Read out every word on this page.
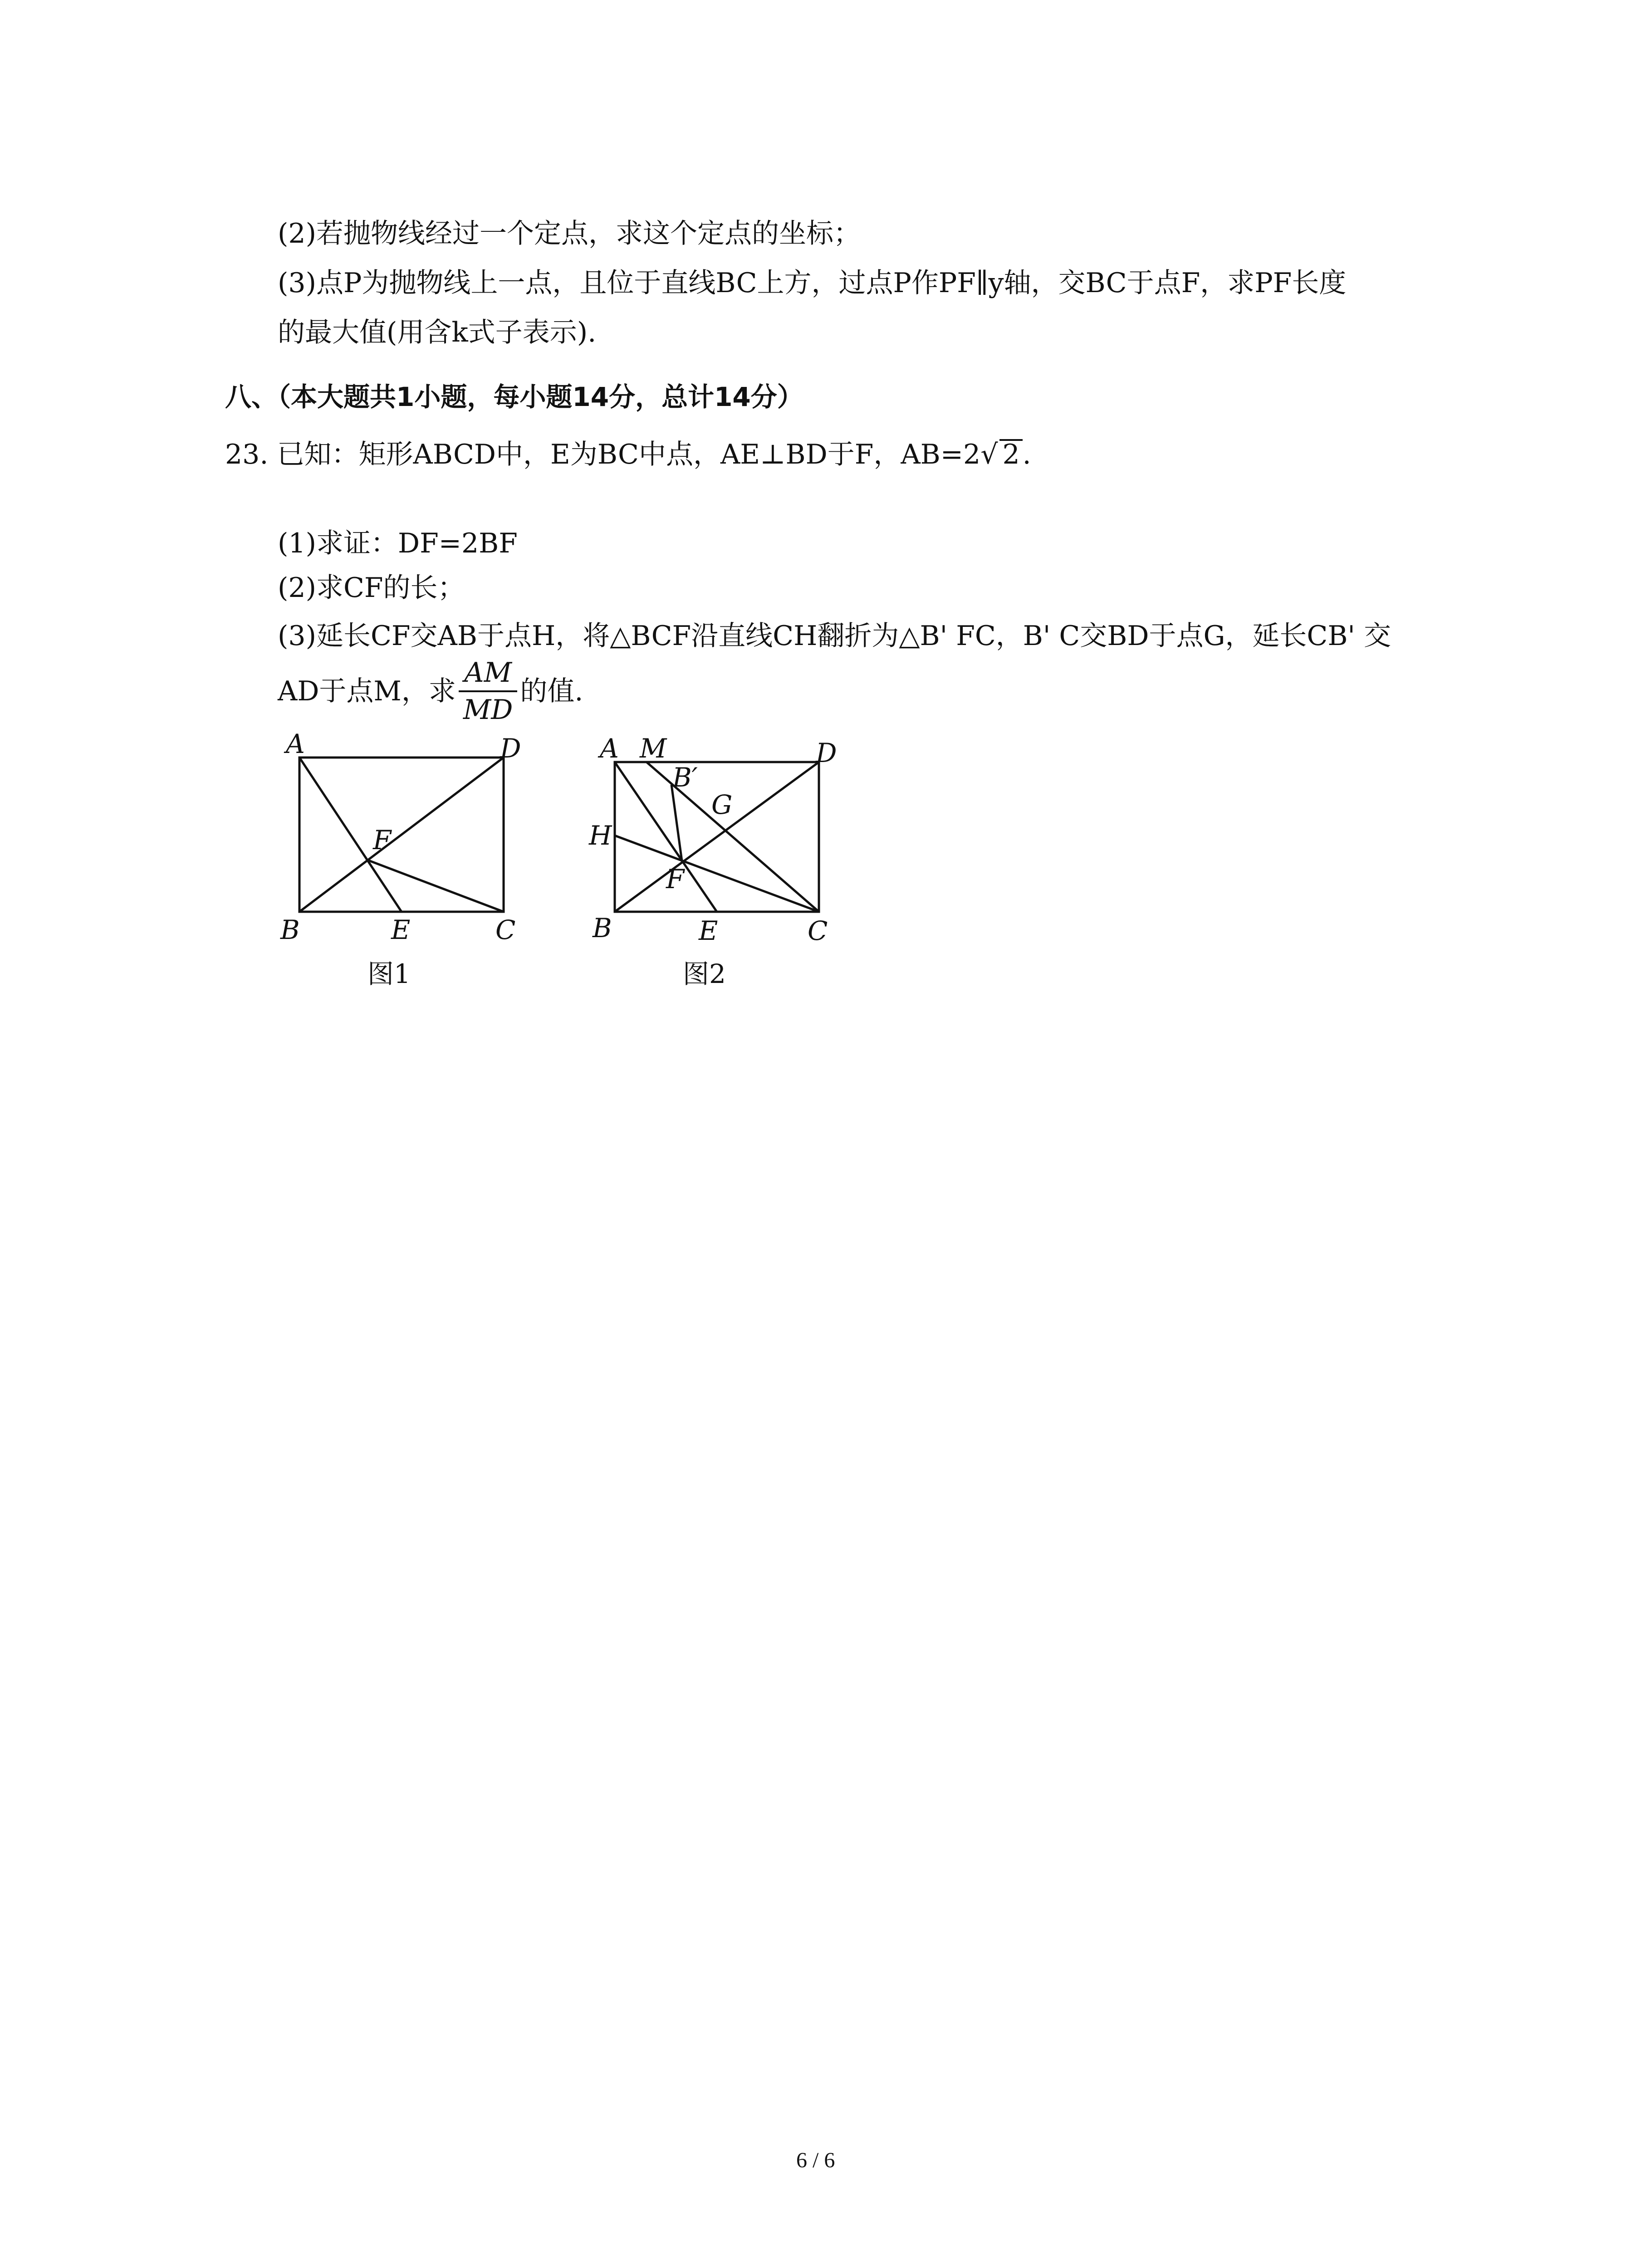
(2)若抛物线经过一个定点，求这个定点的坐标；
(3)点P为抛物线上一点，且位于直线BC上方，过点P作PF∥y轴，交BC于点F，求PF长度
的最大值(用含k式子表示).
八、（本大题共1小题，每小题14分，总计14分）
23. 已知：矩形ABCD中，E为BC中点，AE⊥BD于F，AB=2√ 2 .
(1)求证：DF=2BF
(2)求CF的长；
(3)延长CF交AB于点H，将△BCF沿直线CH翻折为△B' FC，B' C交BD于点G，延长CB' 交
AD于点M，求 $\frac{AM}{MD}$ 的值.
A	D
F
B	E	C
图1
A M	D
B′
G
H
F
B	E	C
图2
6 / 6
